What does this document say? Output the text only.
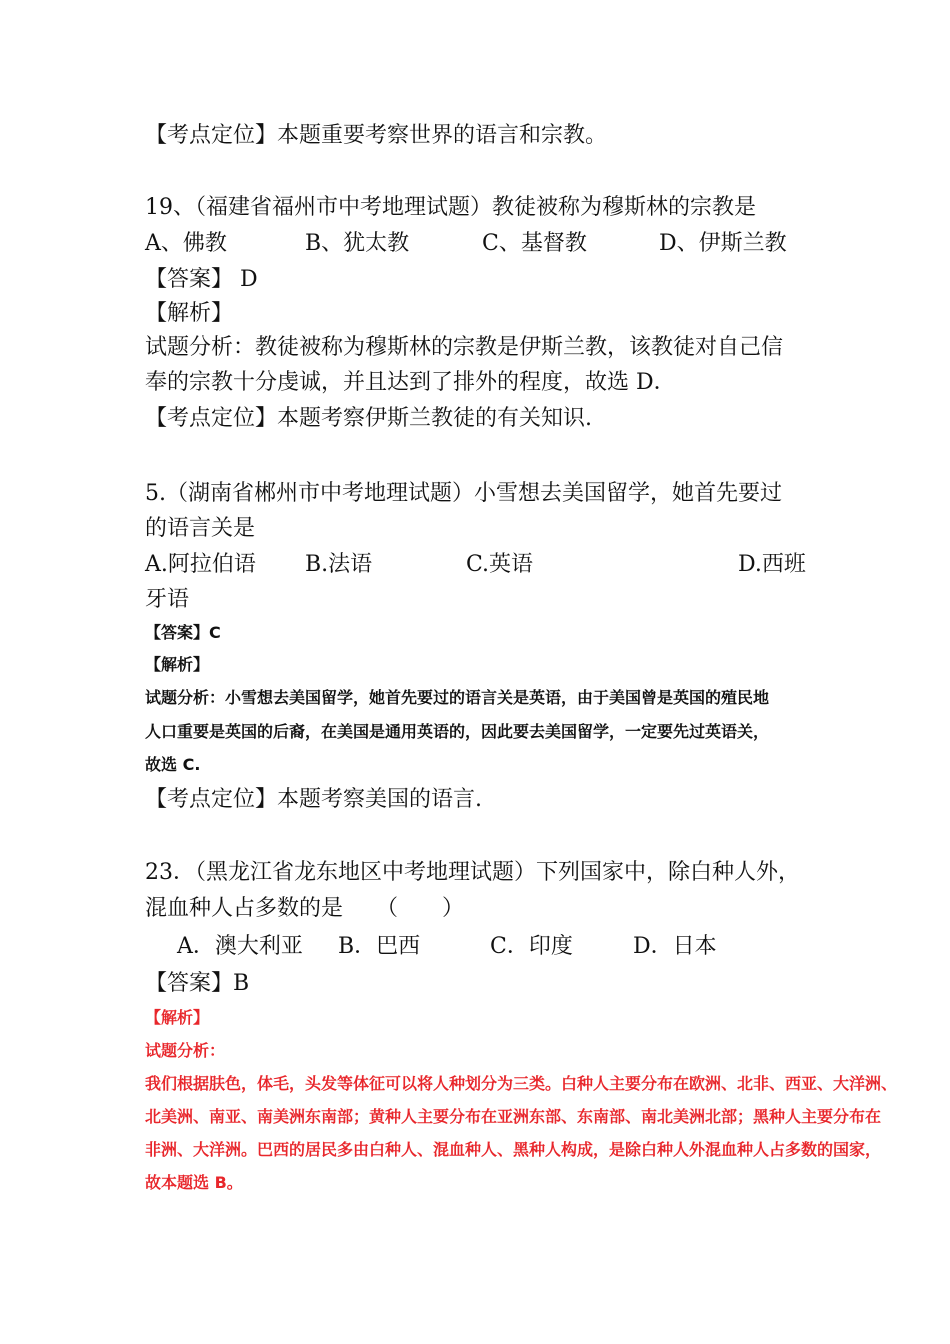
【考点定位】本题重要考察世界的语言和宗教。
19、（福建省福州市中考地理试题）教徒被称为穆斯林的宗教是
A、佛教	B、犹太教	C、基督教	D、伊斯兰教
【答案】 D
【解析】
试题分析：教徒被称为穆斯林的宗教是伊斯兰教，该教徒对自己信
奉的宗教十分虔诚，并且达到了排外的程度，故选 D．
【考点定位】本题考察伊斯兰教徒的有关知识.
5.（湖南省郴州市中考地理试题）小雪想去美国留学，她首先要过
的语言关是
A.阿拉伯语 B.法语	C.英语	D.西班
牙语
【答案】C
【解析】
试题分析：小雪想去美国留学，她首先要过的语言关是英语，由于美国曾是英国的殖民地
人口重要是英国的后裔，在美国是通用英语的，因此要去美国留学，一定要先过英语关，
故选 C.
【考点定位】本题考察美国的语言.
23．（黑龙江省龙东地区中考地理试题）下列国家中，除白种人外，
混血种人占多数的是　　（　　）
A．澳大利亚 B．巴西	C．印度	D．日本
【答案】B
【解析】
试题分析：
我们根据肤色，体毛，头发等体征可以将人种划分为三类。白种人主要分布在欧洲、北非、西亚、大洋洲、
北美洲、南亚、南美洲东南部；黄种人主要分布在亚洲东部、东南部、南北美洲北部；黑种人主要分布在
非洲、大洋洲。巴西的居民多由白种人、混血种人、黑种人构成，是除白种人外混血种人占多数的国家，
故本题选 B。
